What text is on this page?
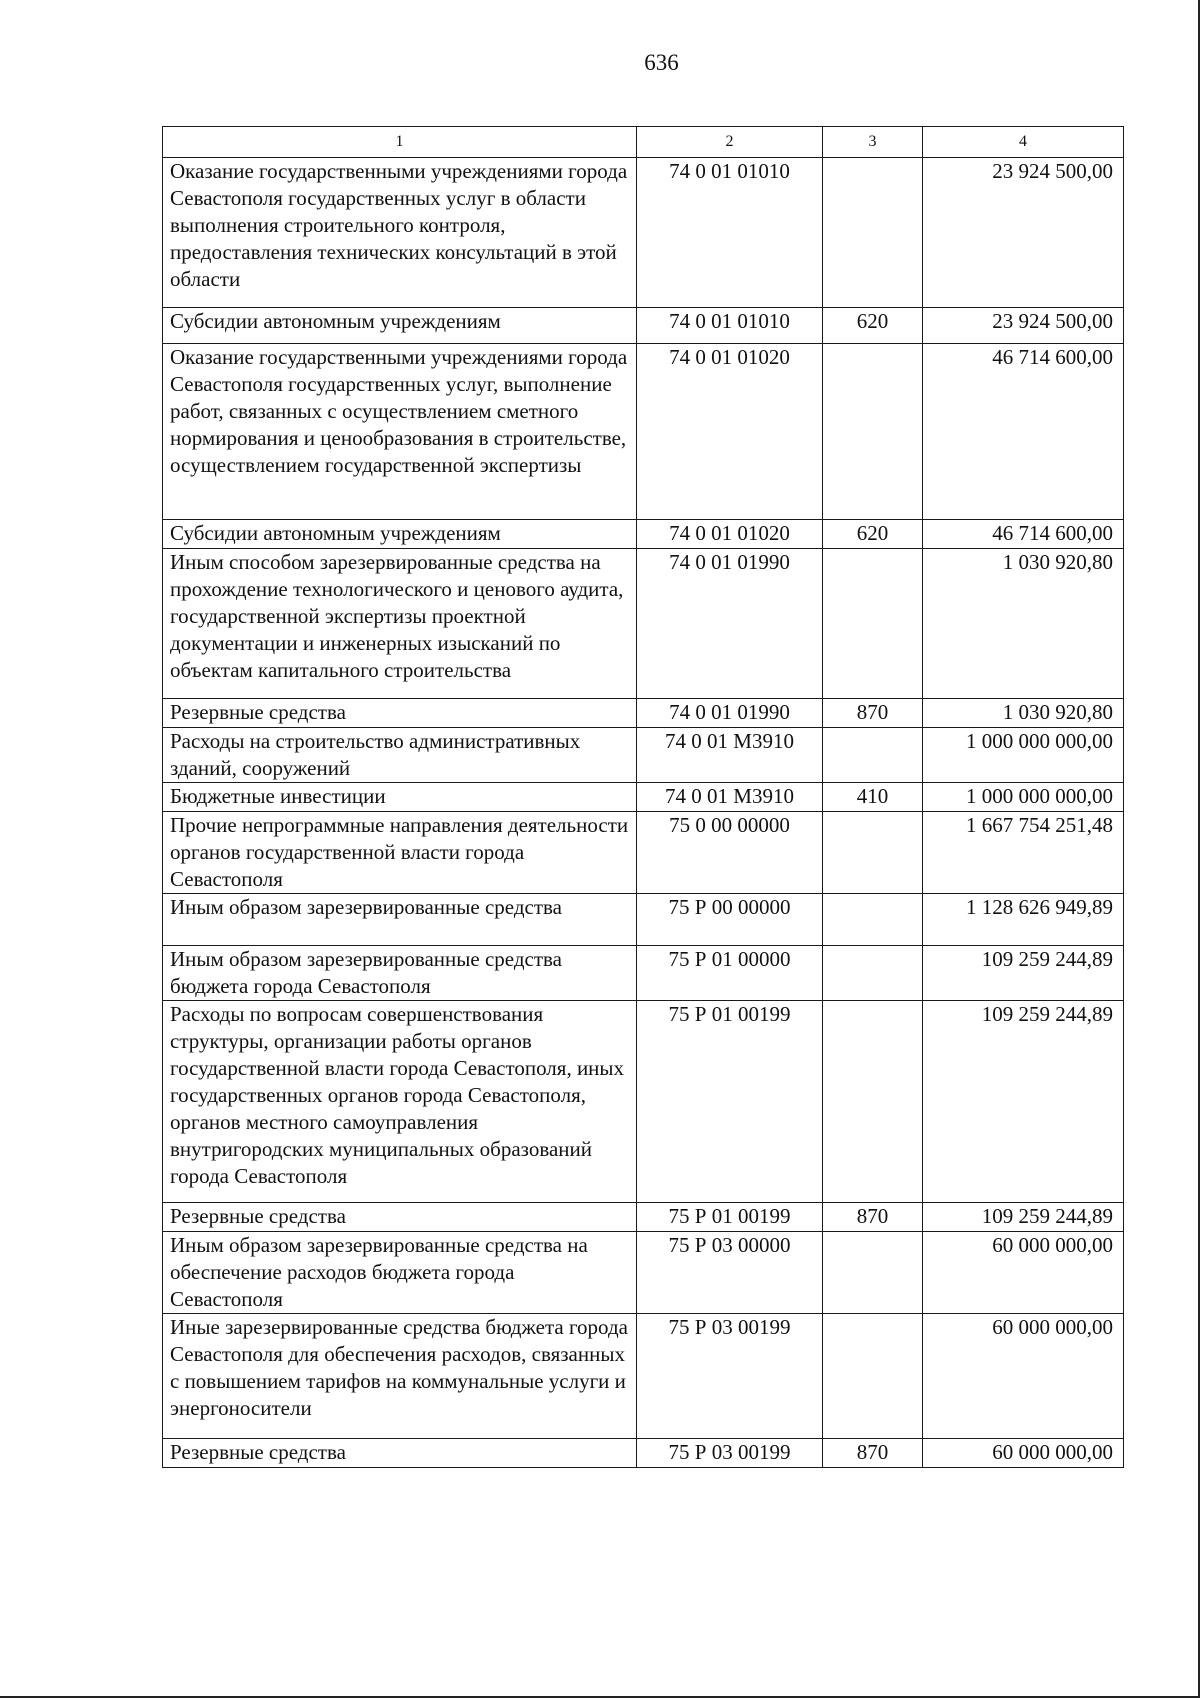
636
1	2	3	4
Оказание государственными учреждениями города Севастополя государственных услуг в области выполнения строительного контроля, предоставления технических консультаций в этой области	74 0 01 01010		23 924 500,00
Субсидии автономным учреждениям	74 0 01 01010	620	23 924 500,00
Оказание государственными учреждениями города Севастополя государственных услуг, выполнение работ, связанных с осуществлением сметного нормирования и ценообразования в строительстве, осуществлением государственной экспертизы	74 0 01 01020		46 714 600,00
Субсидии автономным учреждениям	74 0 01 01020	620	46 714 600,00
Иным способом зарезервированные средства на прохождение технологического и ценового аудита, государственной экспертизы проектной документации и инженерных изысканий по объектам капитального строительства	74 0 01 01990		1 030 920,80
Резервные средства	74 0 01 01990	870	1 030 920,80
Расходы на строительство административных зданий, сооружений	74 0 01 М3910		1 000 000 000,00
Бюджетные инвестиции	74 0 01 М3910	410	1 000 000 000,00
Прочие непрограммные направления деятельности органов государственной власти города Севастополя	75 0 00 00000		1 667 754 251,48
Иным образом зарезервированные средства	75 Р 00 00000		1 128 626 949,89
Иным образом зарезервированные средства бюджета города Севастополя	75 Р 01 00000		109 259 244,89
Расходы по вопросам совершенствования структуры, организации работы органов государственной власти города Севастополя, иных государственных органов города Севастополя, органов местного самоуправления внутригородских муниципальных образований города Севастополя	75 Р 01 00199		109 259 244,89
Резервные средства	75 Р 01 00199	870	109 259 244,89
Иным образом зарезервированные средства на обеспечение расходов бюджета города Севастополя	75 Р 03 00000		60 000 000,00
Иные зарезервированные средства бюджета города Севастополя для обеспечения расходов, связанных с повышением тарифов на коммунальные услуги и энергоносители	75 Р 03 00199		60 000 000,00
Резервные средства	75 Р 03 00199	870	60 000 000,00
